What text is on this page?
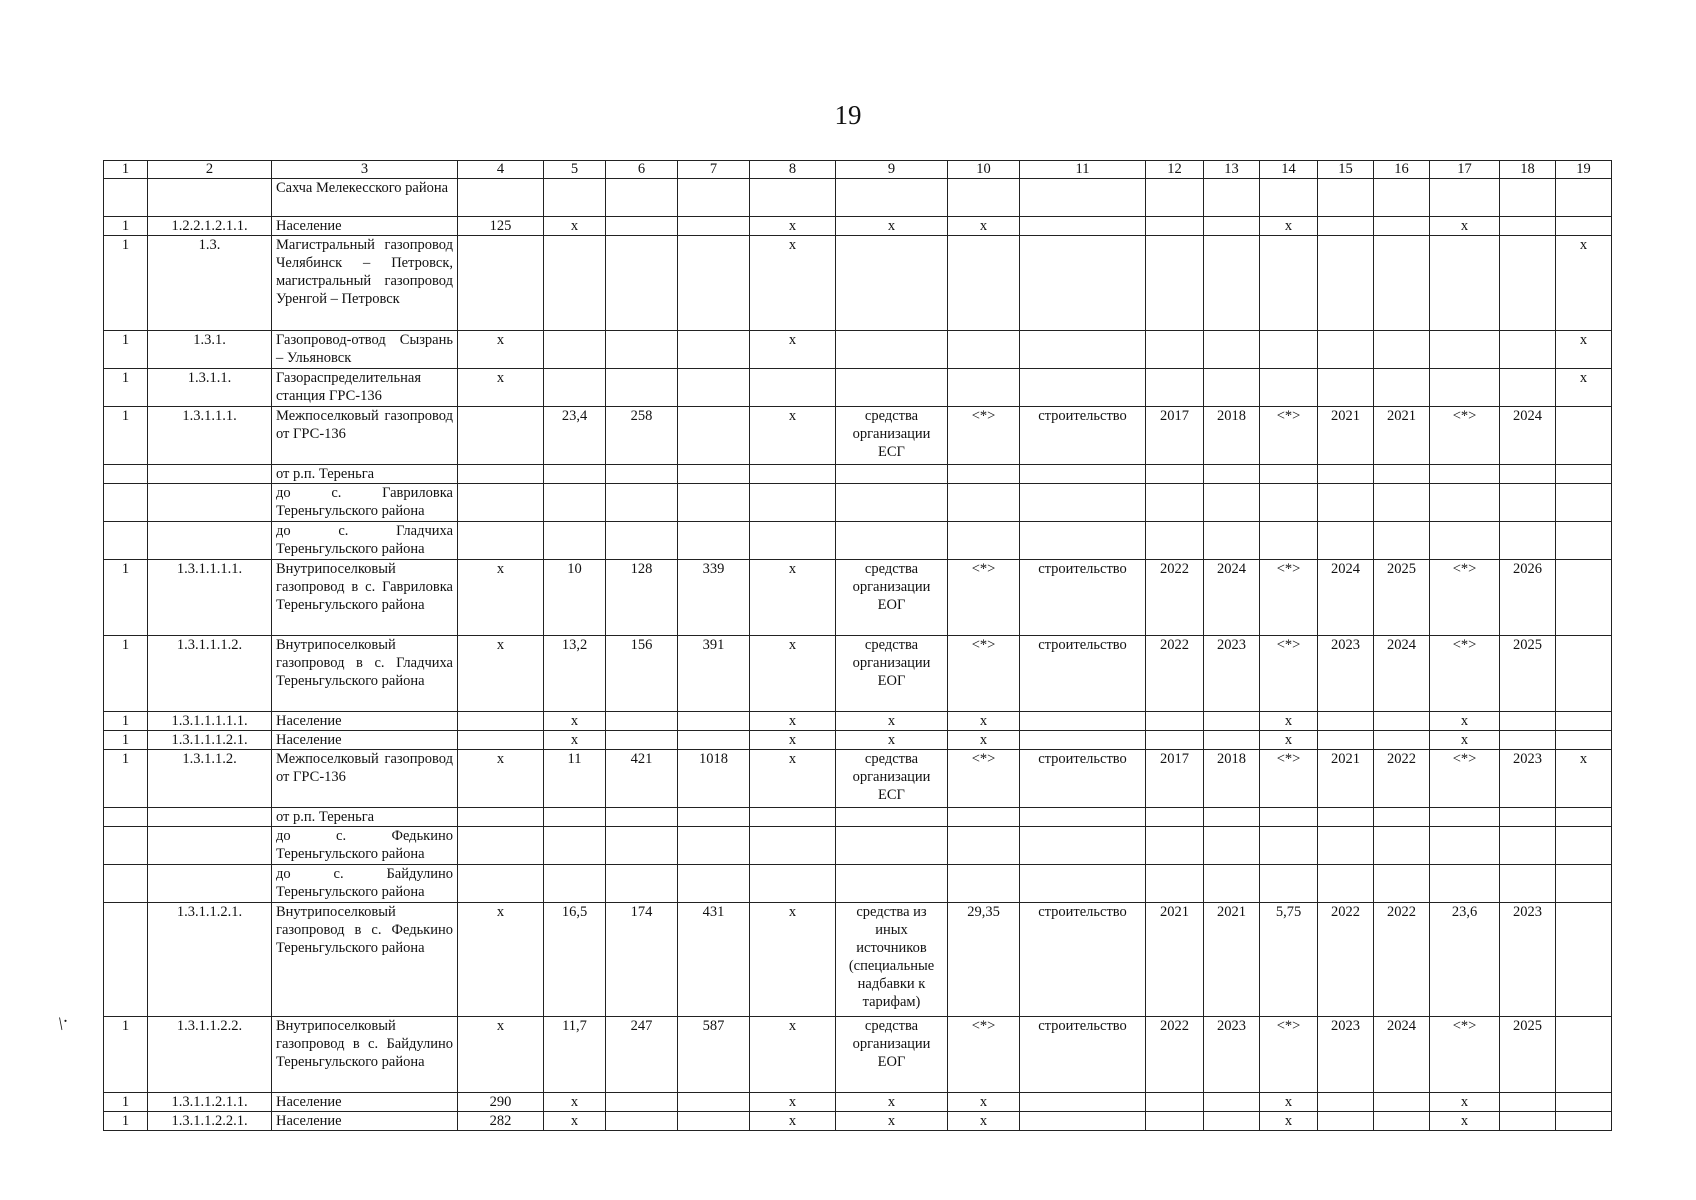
19
/·
1	2	3	4	5	6	7	8	9	10	11	12	13	14	15	16	17	18	19
		Сахча Мелекесского района																
1	1.2.2.1.2.1.1.	Население	125	х			х	х	х				х			х		
1	1.3.	Магистральный газопровод Челябинск – Петровск, магистральный газопровод Уренгой – Петровск					х											х
1	1.3.1.	Газопровод-отвод Сызрань – Ульяновск	х				х											х
1	1.3.1.1.	Газораспределительная станция ГРС-136	х															х
1	1.3.1.1.1.	Межпоселковый газопровод от ГРС-136		23,4	258		х	средства организации ЕСГ	<*>	строительство	2017	2018	<*>	2021	2021	<*>	2024	
		от р.п. Тереньга																
		до с. Гавриловка Тереньгульского района																
		до с. Гладчиха Тереньгульского района																
1	1.3.1.1.1.1.	Внутрипоселковый газопровод в с. Гавриловка Тереньгульского района	х	10	128	339	х	средства организации ЕОГ	<*>	строительство	2022	2024	<*>	2024	2025	<*>	2026	
1	1.3.1.1.1.2.	Внутрипоселковый газопровод в с. Гладчиха Тереньгульского района	х	13,2	156	391	х	средства организации ЕОГ	<*>	строительство	2022	2023	<*>	2023	2024	<*>	2025	
1	1.3.1.1.1.1.1.	Население		х			х	х	х				х			х		
1	1.3.1.1.1.2.1.	Население		х			х	х	х				х			х		
1	1.3.1.1.2.	Межпоселковый газопровод от ГРС-136	х	11	421	1018	х	средства организации ЕСГ	<*>	строительство	2017	2018	<*>	2021	2022	<*>	2023	х
		от р.п. Тереньга																
		до с. Федькино Тереньгульского района																
		до с. Байдулино Тереньгульского района																
	1.3.1.1.2.1.	Внутрипоселковый газопровод в с. Федькино Тереньгульского района	х	16,5	174	431	х	средства из иных источников (специальные надбавки к тарифам)	29,35	строительство	2021	2021	5,75	2022	2022	23,6	2023	
1	1.3.1.1.2.2.	Внутрипоселковый газопровод в с. Байдулино Тереньгульского района	х	11,7	247	587	х	средства организации ЕОГ	<*>	строительство	2022	2023	<*>	2023	2024	<*>	2025	
1	1.3.1.1.2.1.1.	Население	290	х			х	х	х				х			х		
1	1.3.1.1.2.2.1.	Население	282	х			х	х	х				х			х		
